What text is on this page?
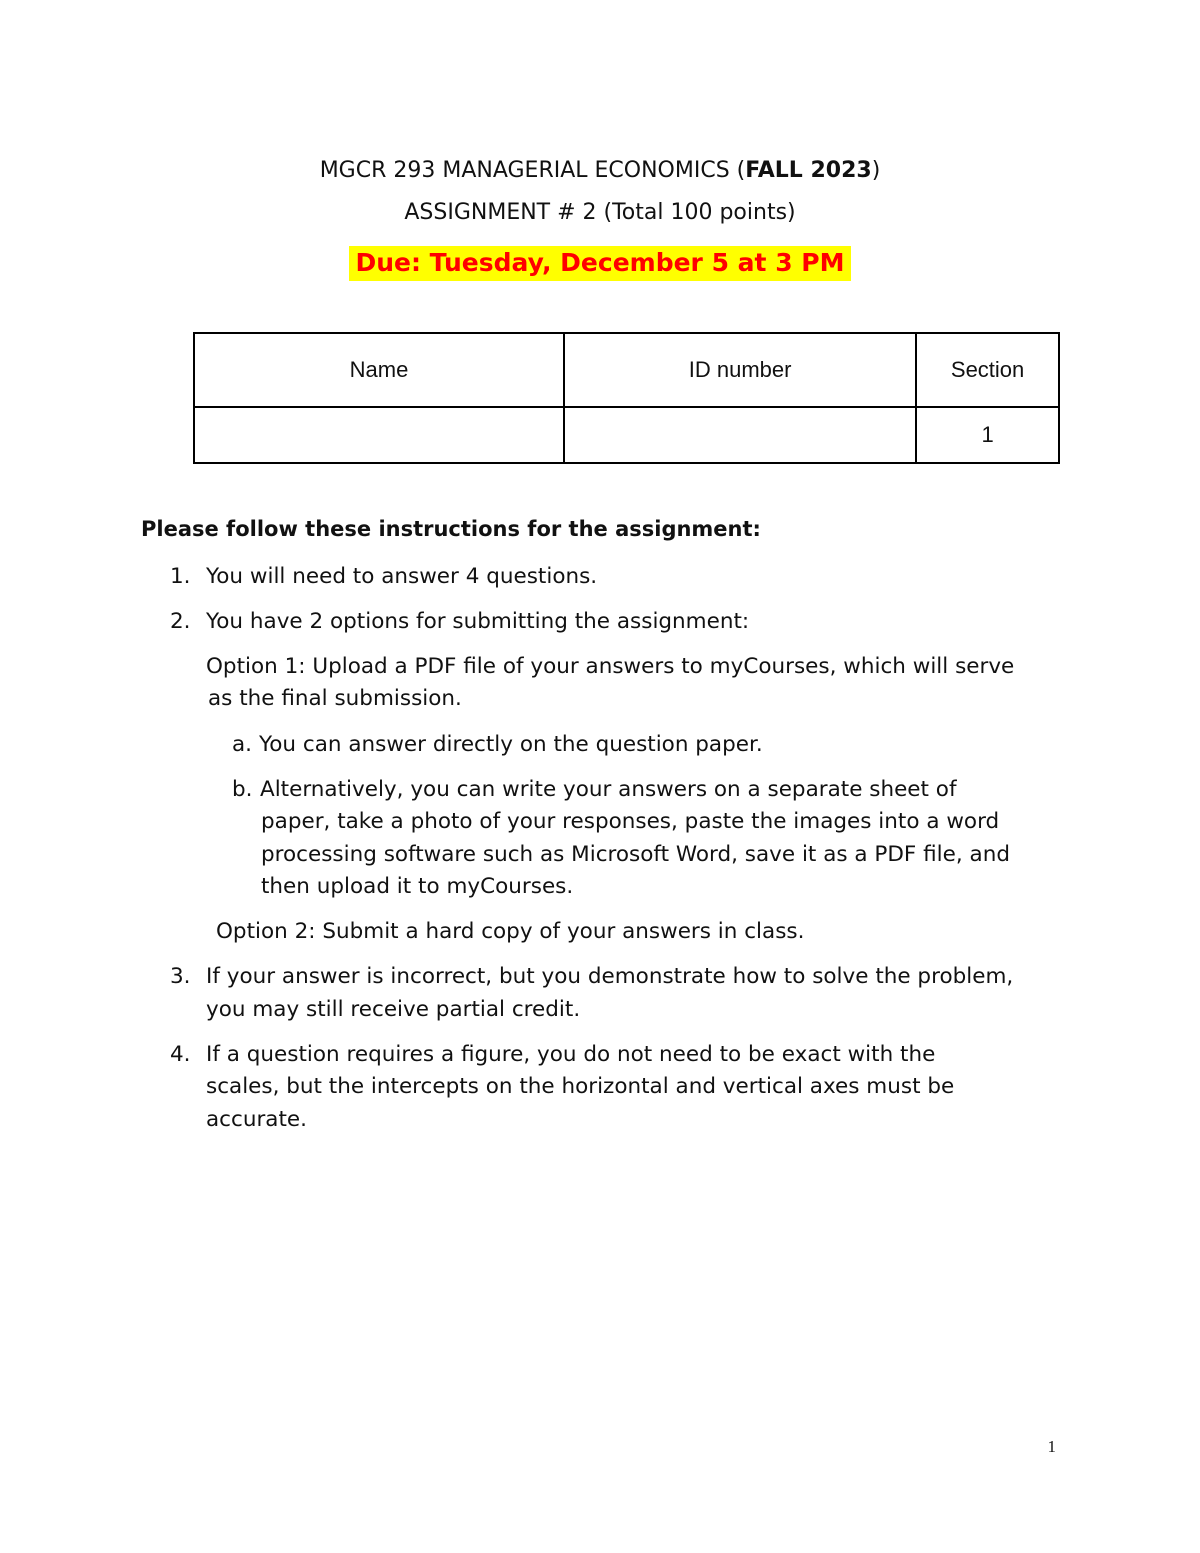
MGCR 293 MANAGERIAL ECONOMICS (FALL 2023)
ASSIGNMENT # 2 (Total 100 points)
Due: Tuesday, December 5 at 3 PM
Name	ID number	Section
		1
Please follow these instructions for the assignment:
1. You will need to answer 4 questions.
2. You have 2 options for submitting the assignment:
Option 1: Upload a PDF file of your answers to myCourses, which will serve
as the final submission.
a. You can answer directly on the question paper.
b. Alternatively, you can write your answers on a separate sheet of
paper, take a photo of your responses, paste the images into a word
processing software such as Microsoft Word, save it as a PDF file, and
then upload it to myCourses.
Option 2: Submit a hard copy of your answers in class.
3. If your answer is incorrect, but you demonstrate how to solve the problem,
you may still receive partial credit.
4. If a question requires a figure, you do not need to be exact with the
scales, but the intercepts on the horizontal and vertical axes must be
accurate.
1
